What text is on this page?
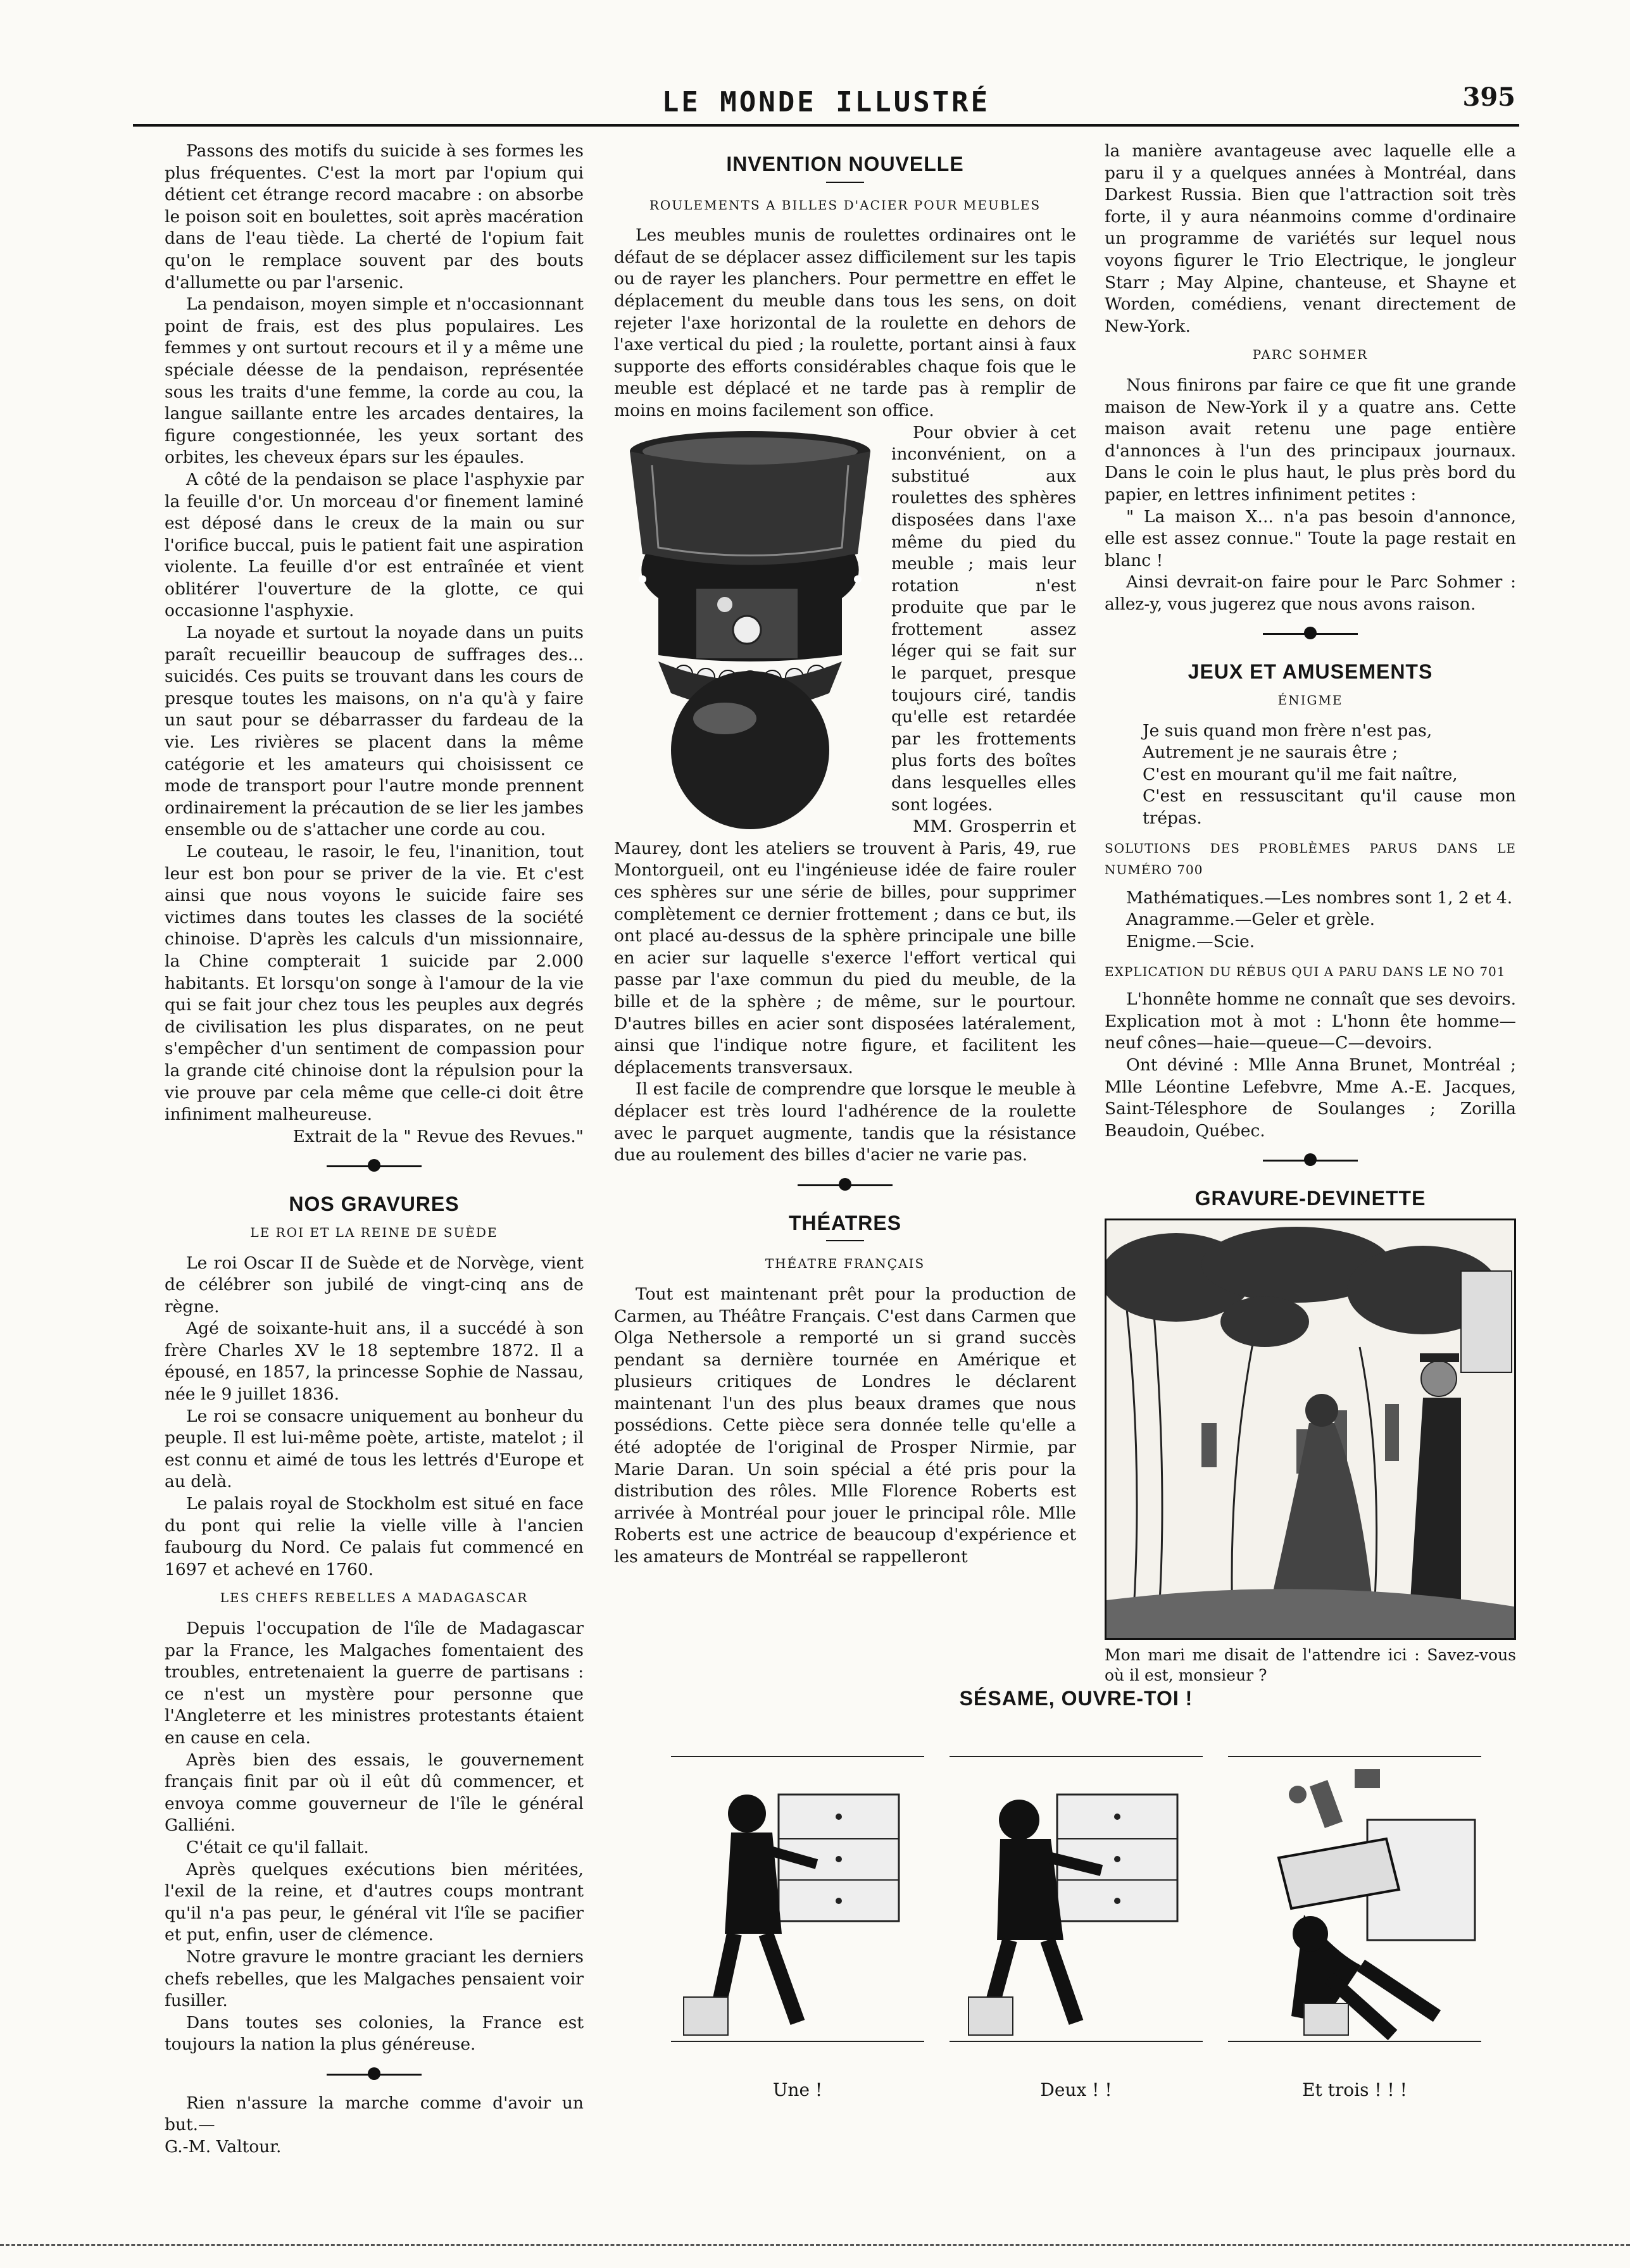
LE MONDE ILLUSTRÉ	395

Passons des motifs du suicide à ses formes les plus fréquentes. C'est la mort par l'opium qui détient cet étrange record macabre : on absorbe le poison soit en boulettes, soit après macération dans de l'eau tiède. La cherté de l'opium fait qu'on le remplace souvent par des bouts d'allumette ou par l'arsenic.

La pendaison, moyen simple et n'occasionnant point de frais, est des plus populaires. Les femmes y ont surtout recours et il y a même une spéciale déesse de la pendaison, représentée sous les traits d'une femme, la corde au cou, la langue saillante entre les arcades dentaires, la figure congestionnée, les yeux sortant des orbites, les cheveux épars sur les épaules.

A côté de la pendaison se place l'asphyxie par la feuille d'or. Un morceau d'or finement laminé est déposé dans le creux de la main ou sur l'orifice buccal, puis le patient fait une aspiration violente. La feuille d'or est entraînée et vient oblitérer l'ouverture de la glotte, ce qui occasionne l'asphyxie.

La noyade et surtout la noyade dans un puits paraît recueillir beaucoup de suffrages des... suicidés. Ces puits se trouvant dans les cours de presque toutes les maisons, on n'a qu'à y faire un saut pour se débarrasser du fardeau de la vie. Les rivières se placent dans la même catégorie et les amateurs qui choisissent ce mode de transport pour l'autre monde prennent ordinairement la précaution de se lier les jambes ensemble ou de s'attacher une corde au cou.

Le couteau, le rasoir, le feu, l'inanition, tout leur est bon pour se priver de la vie. Et c'est ainsi que nous voyons le suicide faire ses victimes dans toutes les classes de la société chinoise. D'après les calculs d'un missionnaire, la Chine compterait 1 suicide par 2.000 habitants. Et lorsqu'on songe à l'amour de la vie qui se fait jour chez tous les peuples aux degrés de civilisation les plus disparates, on ne peut s'empêcher d'un sentiment de compassion pour la grande cité chinoise dont la répulsion pour la vie prouve par cela même que celle-ci doit être infiniment malheureuse.

Extrait de la " Revue des Revues."

NOS GRAVURES
LE ROI ET LA REINE DE SUÈDE

Le roi Oscar II de Suède et de Norvège, vient de célébrer son jubilé de vingt-cinq ans de règne.

Agé de soixante-huit ans, il a succédé à son frère Charles XV le 18 septembre 1872. Il a épousé, en 1857, la princesse Sophie de Nassau, née le 9 juillet 1836.

Le roi se consacre uniquement au bonheur du peuple. Il est lui-même poète, artiste, matelot ; il est connu et aimé de tous les lettrés d'Europe et au delà.

Le palais royal de Stockholm est situé en face du pont qui relie la vielle ville à l'ancien faubourg du Nord. Ce palais fut commencé en 1697 et achevé en 1760.

LES CHEFS REBELLES A MADAGASCAR

Depuis l'occupation de l'île de Madagascar par la France, les Malgaches fomentaient des troubles, entretenaient la guerre de partisans : ce n'est un mystère pour personne que l'Angleterre et les ministres protestants étaient en cause en cela.

Après bien des essais, le gouvernement français finit par où il eût dû commencer, et envoya comme gouverneur de l'île le général Galliéni.

C'était ce qu'il fallait.

Après quelques exécutions bien méritées, l'exil de la reine, et d'autres coups montrant qu'il n'a pas peur, le général vit l'île se pacifier et put, enfin, user de clémence.

Notre gravure le montre graciant les derniers chefs rebelles, que les Malgaches pensaient voir fusiller.

Dans toutes ses colonies, la France est toujours la nation la plus généreuse.

Rien n'assure la marche comme d'avoir un but.—

G.-M. Valtour.

INVENTION NOUVELLE
ROULEMENTS A BILLES D'ACIER POUR MEUBLES

Les meubles munis de roulettes ordinaires ont le défaut de se déplacer assez difficilement sur les tapis ou de rayer les planchers. Pour permettre en effet le déplacement du meuble dans tous les sens, on doit rejeter l'axe horizontal de la roulette en dehors de l'axe vertical du pied ; la roulette, portant ainsi à faux supporte des efforts considérables chaque fois que le meuble est déplacé et ne tarde pas à remplir de moins en moins facilement son office.

Pour obvier à cet inconvénient, on a substitué aux roulettes des sphères disposées dans l'axe même du pied du meuble ; mais leur rotation n'est produite que par le frottement assez léger qui se fait sur le parquet, presque toujours ciré, tandis qu'elle est retardée par les frottements plus forts des boîtes dans lesquelles elles sont logées.

MM. Grosperrin et Maurey, dont les ateliers se trouvent à Paris, 49, rue Montorgueil, ont eu l'ingénieuse idée de faire rouler ces sphères sur une série de billes, pour supprimer complètement ce dernier frottement ; dans ce but, ils ont placé au-dessus de la sphère principale une bille en acier sur laquelle s'exerce l'effort vertical qui passe par l'axe commun du pied du meuble, de la bille et de la sphère ; de même, sur le pourtour. D'autres billes en acier sont disposées latéralement, ainsi que l'indique notre figure, et facilitent les déplacements transversaux.

Il est facile de comprendre que lorsque le meuble à déplacer est très lourd l'adhérence de la roulette avec le parquet augmente, tandis que la résistance due au roulement des billes d'acier ne varie pas.

THÉATRES
THÉATRE FRANÇAIS

Tout est maintenant prêt pour la production de Carmen, au Théâtre Français. C'est dans Carmen que Olga Nethersole a remporté un si grand succès pendant sa dernière tournée en Amérique et plusieurs critiques de Londres le déclarent maintenant l'un des plus beaux drames que nous possédions. Cette pièce sera donnée telle qu'elle a été adoptée de l'original de Prosper Nirmie, par Marie Daran. Un soin spécial a été pris pour la distribution des rôles. Mlle Florence Roberts est arrivée à Montréal pour jouer le principal rôle. Mlle Roberts est une actrice de beaucoup d'expérience et les amateurs de Montréal se rappelleront

la manière avantageuse avec laquelle elle a paru il y a quelques années à Montréal, dans Darkest Russia. Bien que l'attraction soit très forte, il y aura néanmoins comme d'ordinaire un programme de variétés sur lequel nous voyons figurer le Trio Electrique, le jongleur Starr ; May Alpine, chanteuse, et Shayne et Worden, comédiens, venant directement de New-York.

PARC SOHMER

Nous finirons par faire ce que fit une grande maison de New-York il y a quatre ans. Cette maison avait retenu une page entière d'annonces à l'un des principaux journaux. Dans le coin le plus haut, le plus près bord du papier, en lettres infiniment petites :

" La maison X... n'a pas besoin d'annonce, elle est assez connue." Toute la page restait en blanc !

Ainsi devrait-on faire pour le Parc Sohmer : allez-y, vous jugerez que nous avons raison.

JEUX ET AMUSEMENTS
ÉNIGME

Je suis quand mon frère n'est pas,

Autrement je ne saurais être ;

C'est en mourant qu'il me fait naître,

C'est en ressuscitant qu'il cause mon trépas.

SOLUTIONS DES PROBLÈMES PARUS DANS LE NUMÉRO 700

Mathématiques.—Les nombres sont 1, 2 et 4.

Anagramme.—Geler et grèle.

Enigme.—Scie.

EXPLICATION DU RÉBUS QUI A PARU DANS LE NO 701

L'honnête homme ne connaît que ses devoirs. Explication mot à mot : L'honn ête homme—neuf cônes—haie—queue—C—devoirs.

Ont déviné : Mlle Anna Brunet, Montréal ; Mlle Léontine Lefebvre, Mme A.-E. Jacques, Saint-Télesphore de Soulanges ; Zorilla Beaudoin, Québec.

GRAVURE-DEVINETTE
Mon mari me disait de l'attendre ici : Savez-vous où il est, monsieur ?
SÉSAME, OUVRE-TOI !
Une !	Deux ! !	Et trois ! ! !
